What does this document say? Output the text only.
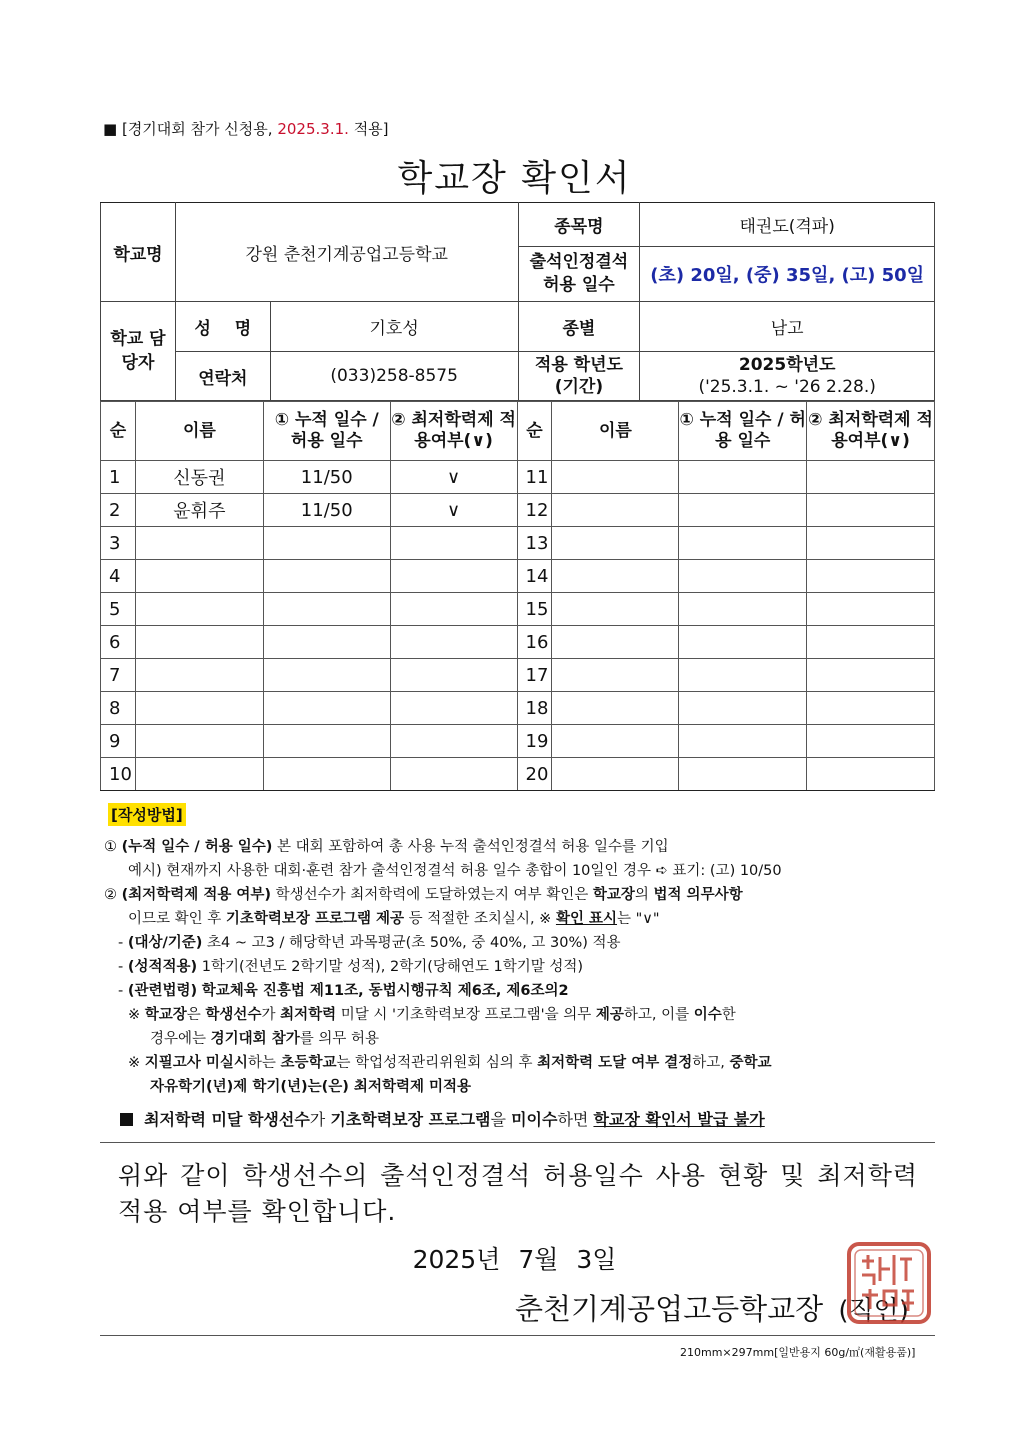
■ [경기대회 참가 신청용, 2025.3.1. 적용]
학교장 확인서
학교명	강원 춘천기계공업고등학교		종목명	태권도(격파)
			출석인정결석 허용 일수	(초) 20일, (중) 35일, (고) 50일
학교 담당자	성 명	기호성	종별	남고
	연락처	(033)258-8575	적용 학년도 (기간)	2025학년도
('25.3.1. ~ '26 2.28.)
순	이름	① 누적 일수 / 허용 일수	② 최저학력제 적용여부(∨)	순	이름	① 누적 일수 / 허용 일수	② 최저학력제 적용여부(∨)
1	신동권	11/50	∨	11			
2	윤휘주	11/50	∨	12			
3				13			
4				14			
5				15			
6				16			
7				17			
8				18			
9				19			
10				20			
[작성방법]
① (누적 일수 / 허용 일수) 본 대회 포함하여 총 사용 누적 출석인정결석 허용 일수를 기입
예시) 현재까지 사용한 대회·훈련 참가 출석인정결석 허용 일수 총합이 10일인 경우 ➪ 표기: (고) 10/50
② (최저학력제 적용 여부) 학생선수가 최저학력에 도달하였는지 여부 확인은 학교장의 법적 의무사항
이므로 확인 후 기초학력보장 프로그램 제공 등 적절한 조치실시, ※ 확인 표시는 "∨"
- (대상/기준) 초4 ~ 고3 / 해당학년 과목평균(초 50%, 중 40%, 고 30%) 적용
- (성적적용) 1학기(전년도 2학기말 성적), 2학기(당해연도 1학기말 성적)
- (관련법령) 학교체육 진흥법 제11조, 동법시행규칙 제6조, 제6조의2
※ 학교장은 학생선수가 최저학력 미달 시 '기초학력보장 프로그램'을 의무 제공하고, 이를 이수한
경우에는 경기대회 참가를 의무 허용
※ 지필고사 미실시하는 초등학교는 학업성적관리위원회 심의 후 최저학력 도달 여부 결정하고, 중학교
자유학기(년)제 학기(년)는(은) 최저학력제 미적용
최저학력 미달 학생선수가 기초학력보장 프로그램을 미이수하면 학교장 확인서 발급 불가
위와 같이 학생선수의 출석인정결석 허용일수 사용 현황 및 최저학력 적용 여부를 확인합니다.
2025년 7월 3일
춘천기계공업고등학교장 (직인)
210mm×297mm[일반용지 60g/㎡(재활용품)]
